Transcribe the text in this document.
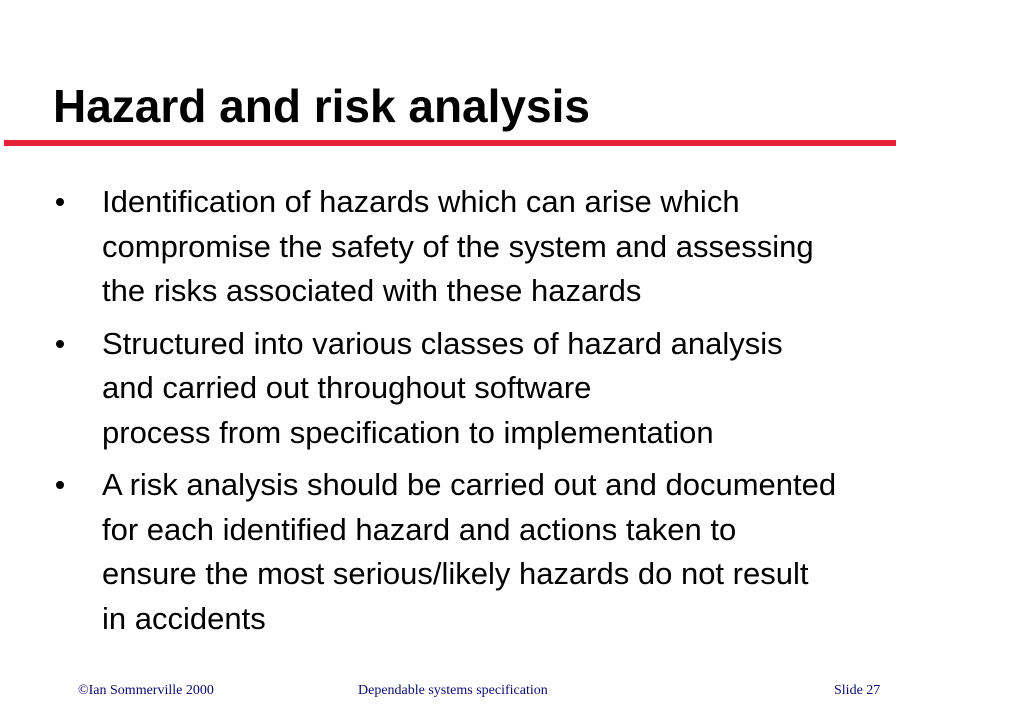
Hazard and risk analysis
Identification of hazards which can arise which
compromise the safety of the system and assessing
the risks associated with these hazards
Structured into various classes of hazard analysis
and carried out throughout software
process from specification to implementation
A risk analysis should be carried out and documented
for each identified hazard and actions taken to
ensure the most serious/likely hazards do not result
in accidents
©Ian Sommerville 2000	Dependable systems specification	Slide 27
